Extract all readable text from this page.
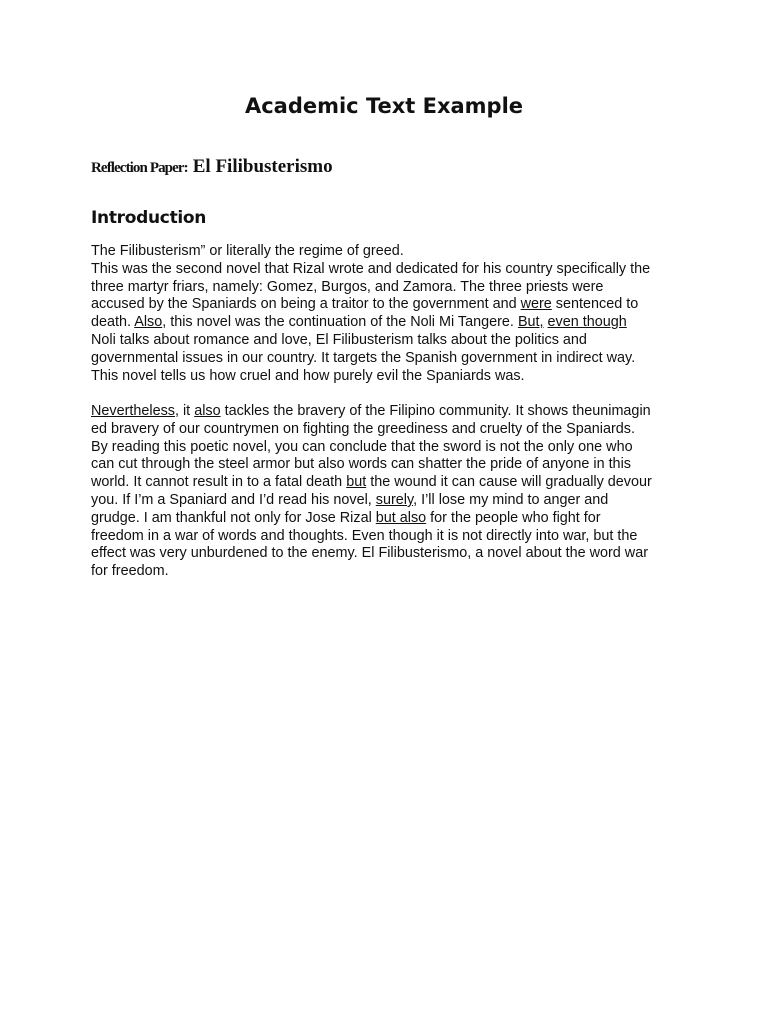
Academic Text Example

Reflection Paper: El Filibusterismo

Introduction

The Filibusterism” or literally the regime of greed.
This was the second novel that Rizal wrote and dedicated for his country specifically the
three martyr friars, namely: Gomez, Burgos, and Zamora. The three priests were
accused by the Spaniards on being a traitor to the government and were sentenced to
death. Also, this novel was the continuation of the Noli Mi Tangere. But, even though
Noli talks about romance and love, El Filibusterism talks about the politics and
governmental issues in our country. It targets the Spanish government in indirect way.
This novel tells us how cruel and how purely evil the Spaniards was.

Nevertheless, it also tackles the bravery of the Filipino community. It shows theunimagin
ed bravery of our countrymen on fighting the greediness and cruelty of the Spaniards.
By reading this poetic novel, you can conclude that the sword is not the only one who
can cut through the steel armor but also words can shatter the pride of anyone in this
world. It cannot result in to a fatal death but the wound it can cause will gradually devour
you. If I’m a Spaniard and I’d read his novel, surely, I’ll lose my mind to anger and
grudge. I am thankful not only for Jose Rizal but also for the people who fight for
freedom in a war of words and thoughts. Even though it is not directly into war, but the
effect was very unburdened to the enemy. El Filibusterismo, a novel about the word war
for freedom.
